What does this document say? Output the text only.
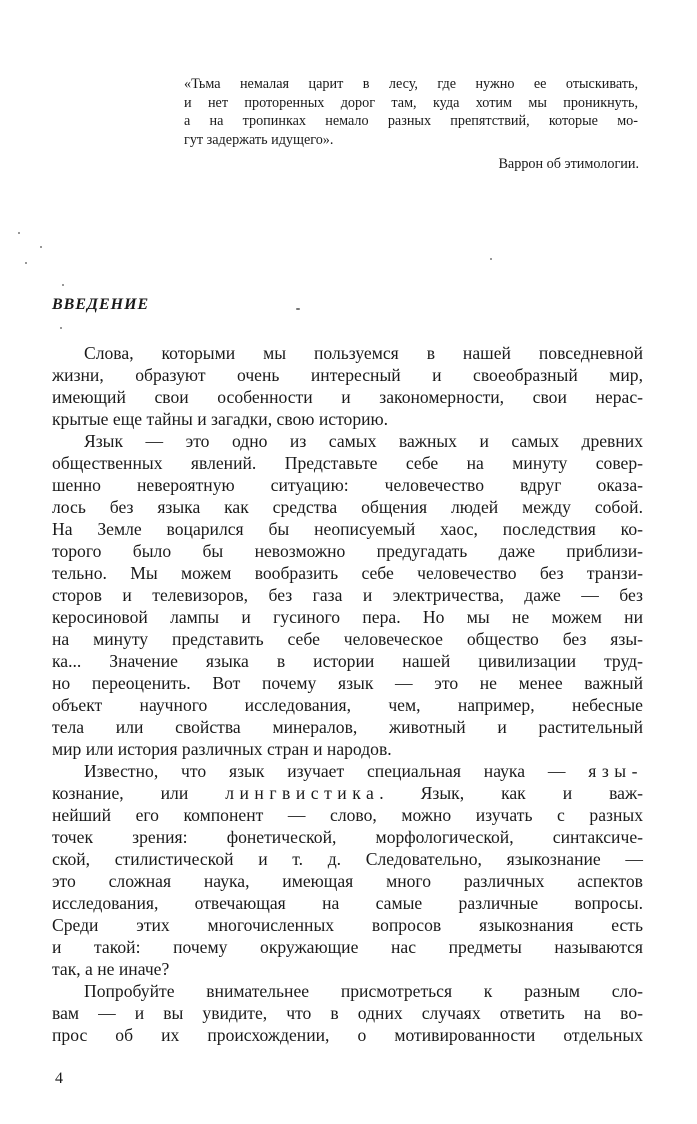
«Тьма немалая царит в лесу, где нужно ее отыскивать,
и нет проторенных дорог там, куда хотим мы проникнуть,
а на тропинках немало разных препятствий, которые мо-
гут задержать идущего».
Варрон об этимологии.
ВВЕДЕНИЕ
Слова, которыми мы пользуемся в нашей повседневной
жизни, образуют очень интересный и своеобразный мир,
имеющий свои особенности и закономерности, свои нерас-
крытые еще тайны и загадки, свою историю.
Язык — это одно из самых важных и самых древних
общественных явлений. Представьте себе на минуту совер-
шенно невероятную ситуацию: человечество вдруг оказа-
лось без языка как средства общения людей между собой.
На Земле воцарился бы неописуемый хаос, последствия ко-
торого было бы невозможно предугадать даже приблизи-
тельно. Мы можем вообразить себе человечество без транзи-
сторов и телевизоров, без газа и электричества, даже — без
керосиновой лампы и гусиного пера. Но мы не можем ни
на минуту представить себе человеческое общество без язы-
ка... Значение языка в истории нашей цивилизации труд-
но переоценить. Вот почему язык — это не менее важный
объект научного исследования, чем, например, небесные
тела или свойства минералов, животный и растительный
мир или история различных стран и народов.
Известно, что язык изучает специальная наука — язы-
кознание, или лингвистика. Язык, как и важ-
нейший его компонент — слово, можно изучать с разных
точек зрения: фонетической, морфологической, синтаксиче-
ской, стилистической и т. д. Следовательно, языкознание —
это сложная наука, имеющая много различных аспектов
исследования, отвечающая на самые различные вопросы.
Среди этих многочисленных вопросов языкознания есть
и такой: почему окружающие нас предметы называются
так, а не иначе?
Попробуйте внимательнее присмотреться к разным сло-
вам — и вы увидите, что в одних случаях ответить на во-
прос об их происхождении, о мотивированности отдельных
4
